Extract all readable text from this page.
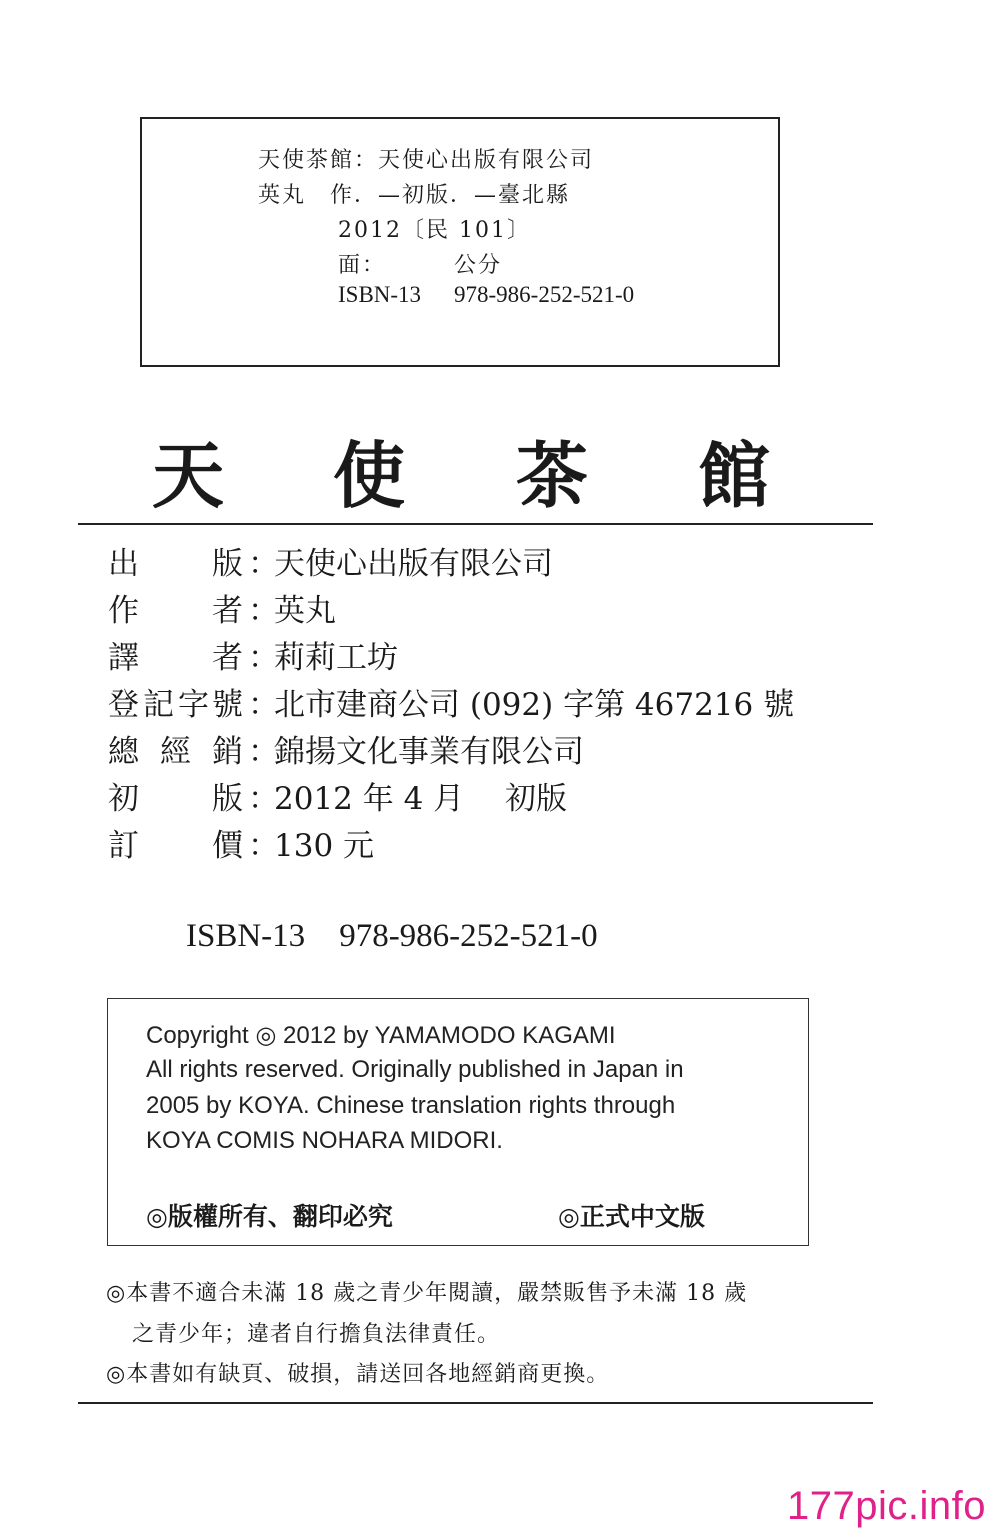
天使茶館：天使心出版有限公司
英丸　作．—初版．—臺北縣
2012〔民 101〕
面：	公分
ISBN-13 978-986-252-521-0
天 使 茶 館
出 版 ：
天使心出版有限公司
作 者 ：
英丸
譯 者 ：
莉莉工坊
登 記 字 號 ：
北市建商公司 (092) 字第 467216 號
總 經 銷 ：
錦揚文化事業有限公司
初 版 ：
2012 年 4 月　 初版
訂 價 ：
130 元
ISBN-13 978-986-252-521-0
Copyright ◎ 2012 by YAMAMODO KAGAMI
All rights reserved. Originally published in Japan in
2005 by KOYA. Chinese translation rights through
KOYA COMIS NOHARA MIDORI.
◎版權所有、翻印必究	◎正式中文版
◎本書不適合未滿 18 歲之青少年閱讀，嚴禁販售予未滿 18 歲
之青少年；違者自行擔負法律責任。
◎本書如有缺頁、破損，請送回各地經銷商更換。
177pic.info
